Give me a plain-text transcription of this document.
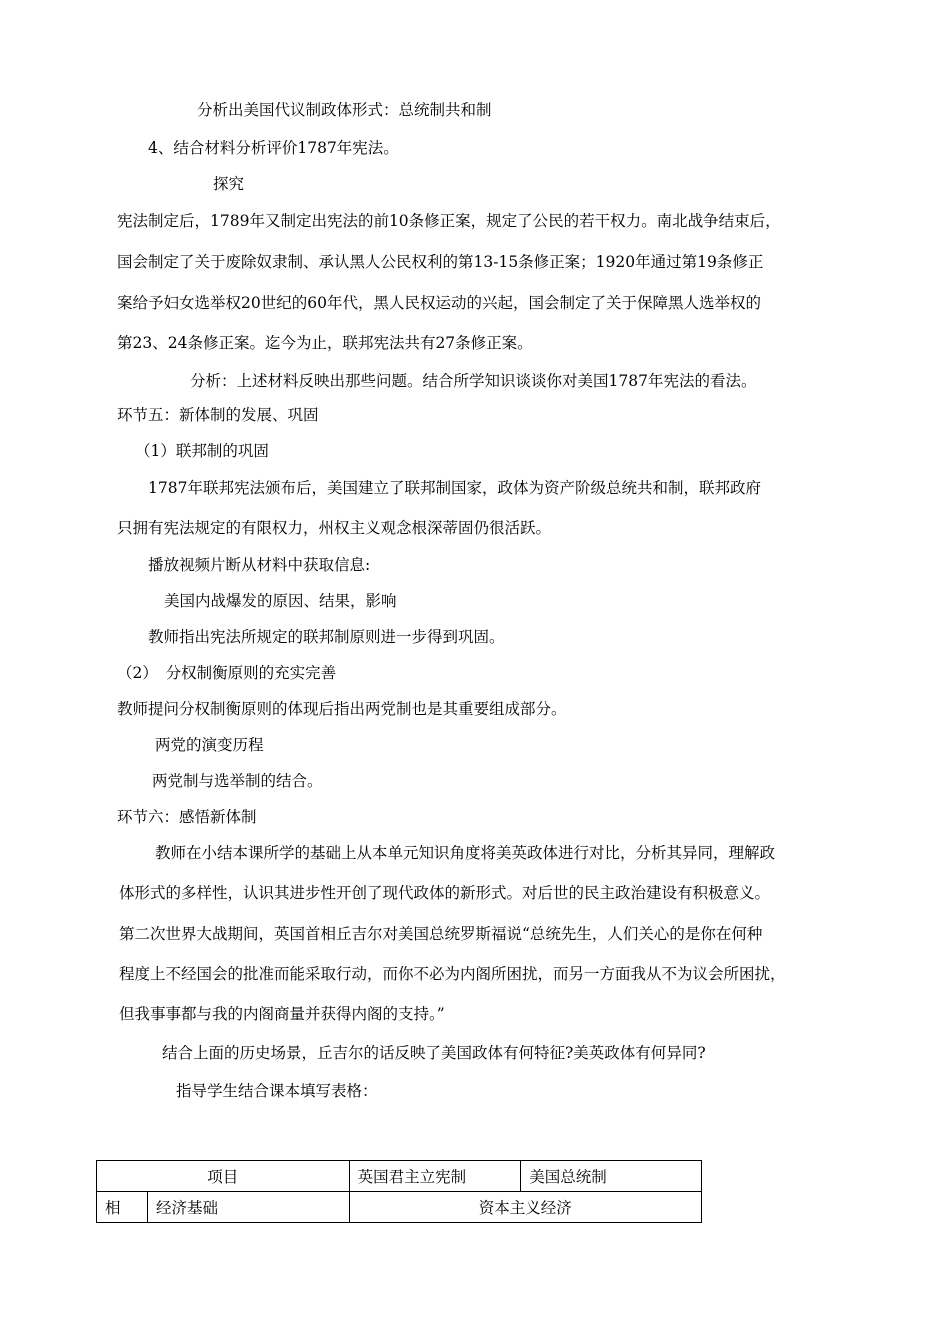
分析出美国代议制政体形式：总统制共和制
4、结合材料分析评价1787年宪法。
探究
宪法制定后，1789年又制定出宪法的前10条修正案，规定了公民的若干权力。南北战争结束后，
国会制定了关于废除奴隶制、承认黑人公民权利的第13-15条修正案；1920年通过第19条修正
案给予妇女选举权20世纪的60年代，黑人民权运动的兴起，国会制定了关于保障黑人选举权的
第23、24条修正案。迄今为止，联邦宪法共有27条修正案。
分析：上述材料反映出那些问题。结合所学知识谈谈你对美国1787年宪法的看法。
环节五：新体制的发展、巩固
（1）联邦制的巩固
1787年联邦宪法颁布后，美国建立了联邦制国家，政体为资产阶级总统共和制，联邦政府
只拥有宪法规定的有限权力，州权主义观念根深蒂固仍很活跃。
播放视频片断从材料中获取信息:
美国内战爆发的原因、结果，影响
教师指出宪法所规定的联邦制原则进一步得到巩固。
（2）　分权制衡原则的充实完善
教师提问分权制衡原则的体现后指出两党制也是其重要组成部分。
两党的演变历程
两党制与选举制的结合。
环节六：感悟新体制
教师在小结本课所学的基础上从本单元知识角度将美英政体进行对比，分析其异同，理解政
体形式的多样性，认识其进步性开创了现代政体的新形式。对后世的民主政治建设有积极意义。
第二次世界大战期间，英国首相丘吉尔对美国总统罗斯福说“总统先生，人们关心的是你在何种
程度上不经国会的批准而能采取行动，而你不必为内阁所困扰，而另一方面我从不为议会所困扰，
但我事事都与我的内阁商量并获得内阁的支持。”
结合上面的历史场景，丘吉尔的话反映了美国政体有何特征?美英政体有何异同?
指导学生结合课本填写表格：
项目		英国君主立宪制	美国总统制
相	经济基础	资本主义经济	
